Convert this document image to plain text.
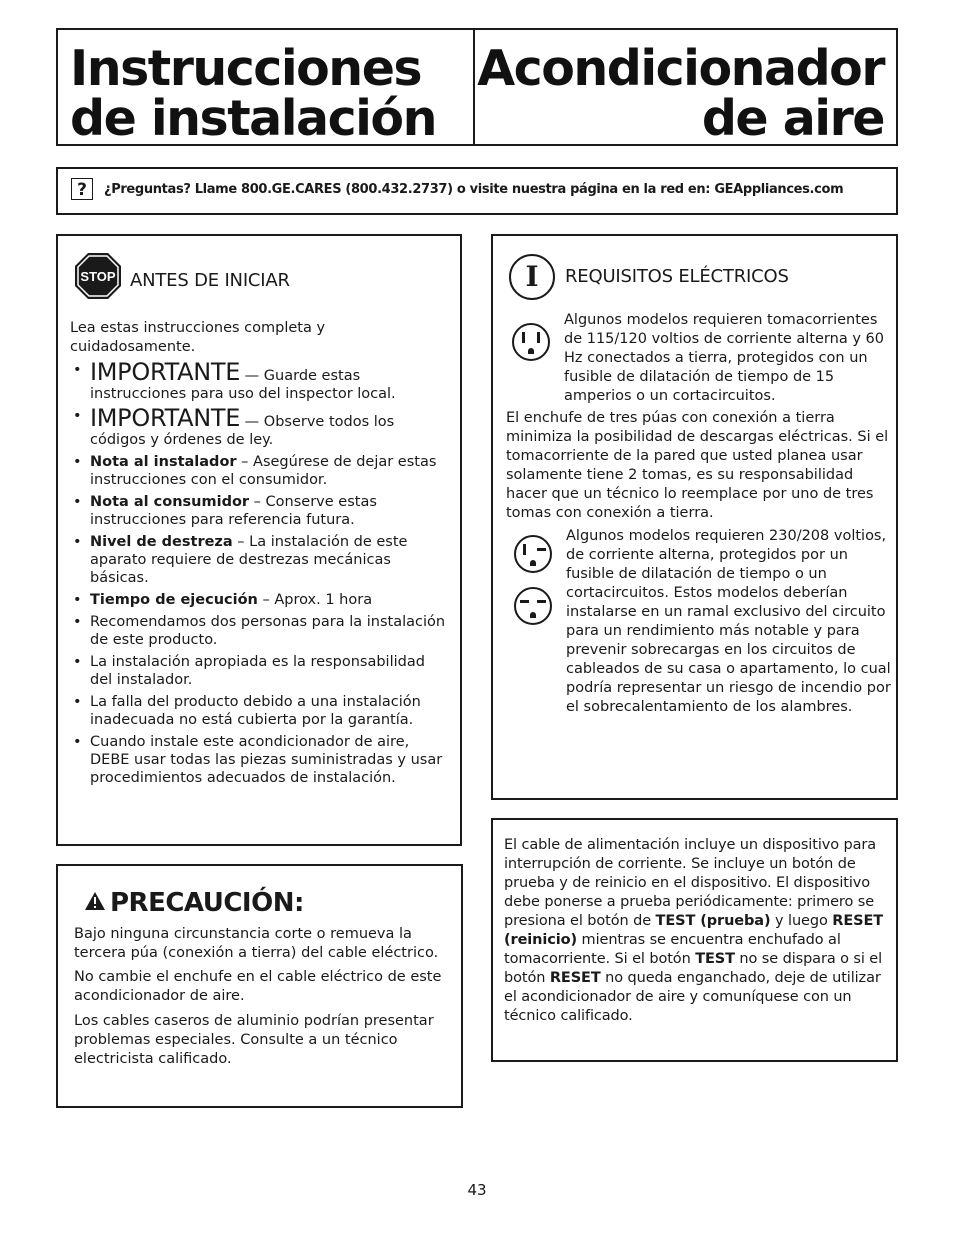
Instrucciones
de instalación
Acondicionador
de aire
?	¿Preguntas? Llame 800.GE.CARES (800.432.2737) o visite nuestra página en la red en: GEAppliances.com
STOP ANTES DE INICIAR
Lea estas instrucciones completa y cuidadosamente.
• IMPORTANTE — Guarde estas instrucciones para uso del inspector local.
• IMPORTANTE — Observe todos los códigos y órdenes de ley.
• Nota al instalador – Asegúrese de dejar estas instrucciones con el consumidor.
• Nota al consumidor – Conserve estas instrucciones para referencia futura.
• Nivel de destreza – La instalación de este aparato requiere de destrezas mecánicas básicas.
• Tiempo de ejecución – Aprox. 1 hora
• Recomendamos dos personas para la instalación de este producto.
• La instalación apropiada es la responsabilidad del instalador.
• La falla del producto debido a una instalación inadecuada no está cubierta por la garantía.
• Cuando instale este acondicionador de aire, DEBE usar todas las piezas suministradas y usar procedimientos adecuados de instalación.
PRECAUCIÓN:

Bajo ninguna circunstancia corte o remueva la tercera púa (conexión a tierra) del cable eléctrico.

No cambie el enchufe en el cable eléctrico de este acondicionador de aire.

Los cables caseros de aluminio podrían presentar problemas especiales. Consulte a un técnico electricista calificado.

I	REQUISITOS ELÉCTRICOS

Algunos modelos requieren tomacorrientes de 115/120 voltios de corriente alterna y 60 Hz conectados a tierra, protegidos con un fusible de dilatación de tiempo de 15 amperios o un cortacircuitos.

El enchufe de tres púas con conexión a tierra minimiza la posibilidad de descargas eléctricas. Si el tomacorriente de la pared que usted planea usar solamente tiene 2 tomas, es su responsabilidad hacer que un técnico lo reemplace por uno de tres tomas con conexión a tierra.

Algunos modelos requieren 230/208 voltios, de corriente alterna, protegidos por un fusible de dilatación de tiempo o un cortacircuitos. Estos modelos deberían instalarse en un ramal exclusivo del circuito para un rendimiento más notable y para prevenir sobrecargas en los circuitos de cableados de su casa o apartamento, lo cual podría representar un riesgo de incendio por el sobrecalentamiento de los alambres.

El cable de alimentación incluye un dispositivo para interrupción de corriente. Se incluye un botón de prueba y de reinicio en el dispositivo. El dispositivo debe ponerse a prueba periódicamente: primero se presiona el botón de TEST (prueba) y luego RESET (reinicio) mientras se encuentra enchufado al tomacorriente. Si el botón TEST no se dispara o si el botón RESET no queda enganchado, deje de utilizar el acondicionador de aire y comuníquese con un técnico calificado.

43
